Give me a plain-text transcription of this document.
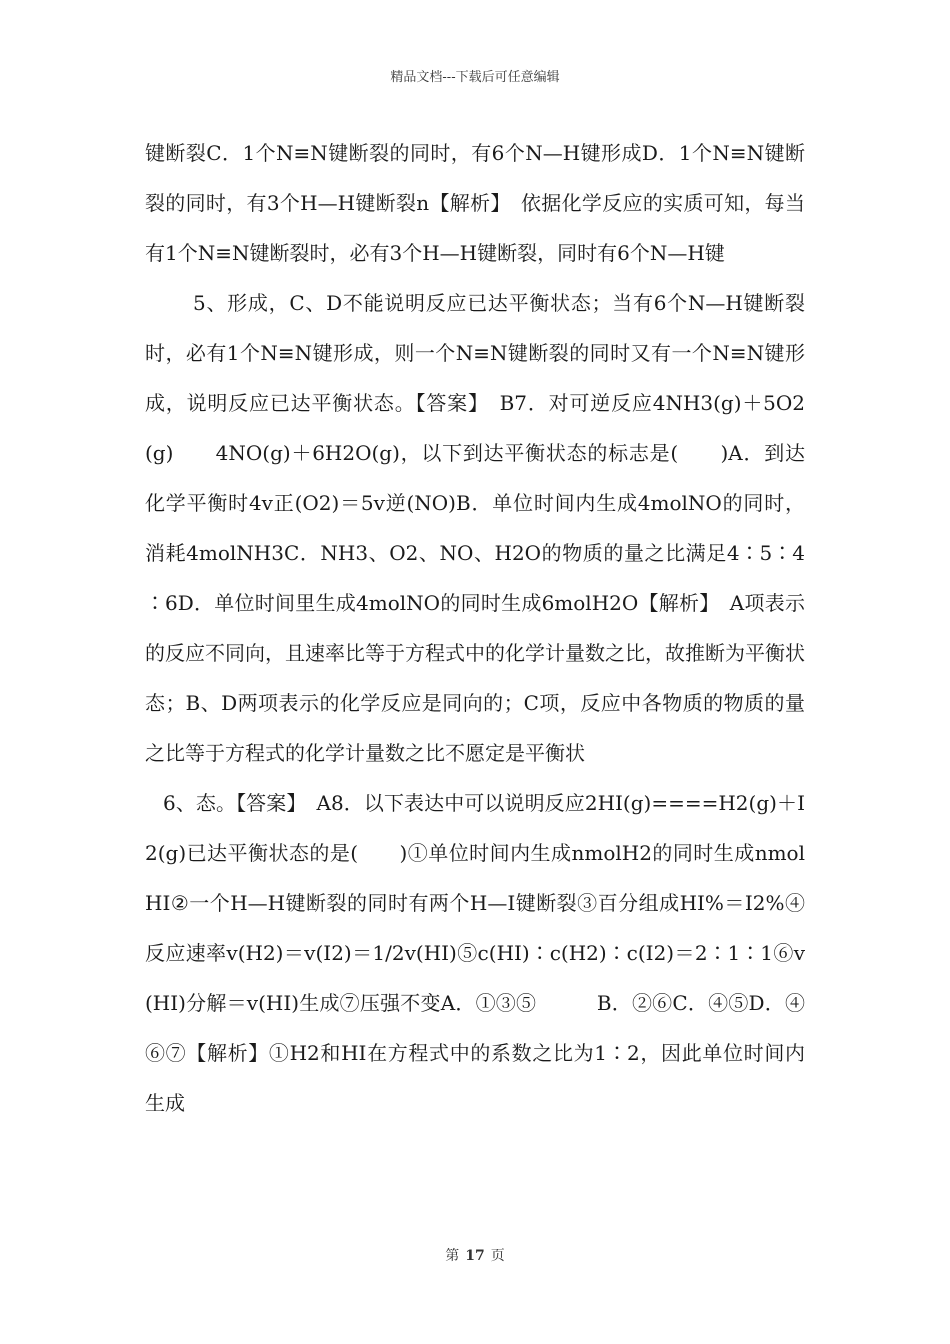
精品文档---下载后可任意编辑

键断裂C．1个N≡N键断裂的同时，有6个N—H键形成D．1个N≡N键断裂的同时，有3个H—H键断裂n【解析】　依据化学反应的实质可知，每当有1个N≡N键断裂时，必有3个H—H键断裂，同时有6个N—H键

5、形成，C、D不能说明反应已达平衡状态；当有6个N—H键断裂时，必有1个N≡N键形成，则一个N≡N键断裂的同时又有一个N≡N键形成，说明反应已达平衡状态。【答案】　B7．对可逆反应4NH3(g)＋5O2(g)　　4NO(g)＋6H2O(g)，以下到达平衡状态的标志是(　　)A．到达化学平衡时4v正(O2)＝5v逆(NO)B．单位时间内生成4molNO的同时，消耗4molNH3C．NH3、O2、NO、H2O的物质的量之比满足4∶5∶4∶6D．单位时间里生成4molNO的同时生成6molH2O【解析】　A项表示的反应不同向，且速率比等于方程式中的化学计量数之比，故推断为平衡状态；B、D两项表示的化学反应是同向的；C项，反应中各物质的物质的量之比等于方程式的化学计量数之比不愿定是平衡状

6、态。【答案】　A8．以下表达中可以说明反应2HI(g)====H2(g)＋I2(g)已达平衡状态的是(　　)①单位时间内生成nmolH2的同时生成nmolHI②一个H—H键断裂的同时有两个H—I键断裂③百分组成HI%＝I2%④反应速率v(H2)＝v(I2)＝1/2v(HI)⑤c(HI)∶c(H2)∶c(I2)＝2∶1∶1⑥v(HI)分解＝v(HI)生成⑦压强不变A．①③⑤　　　B．②⑥C．④⑤D．④⑥⑦【解析】①H2和HI在方程式中的系数之比为1∶2，因此单位时间内生成

第 17 页
